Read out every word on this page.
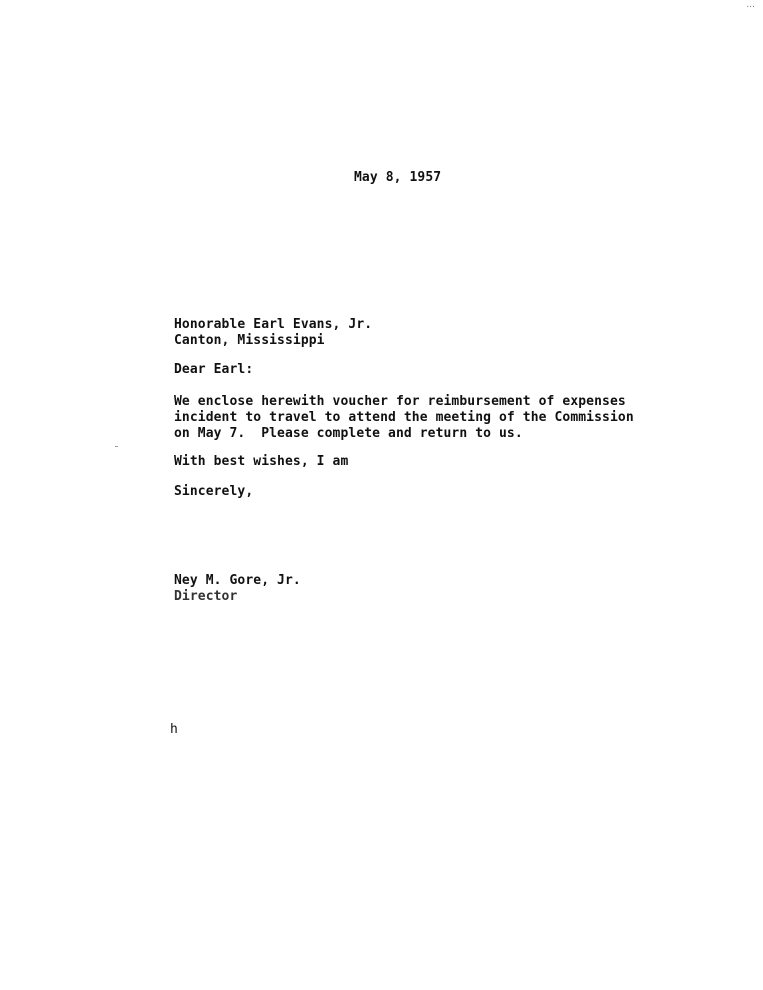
...
May 8, 1957
Honorable Earl Evans, Jr.
Canton, Mississippi
Dear Earl:
We enclose herewith voucher for reimbursement of expenses
incident to travel to attend the meeting of the Commission
on May 7.  Please complete and return to us.
With best wishes, I am
Sincerely,
Ney M. Gore, Jr.
Director
h
